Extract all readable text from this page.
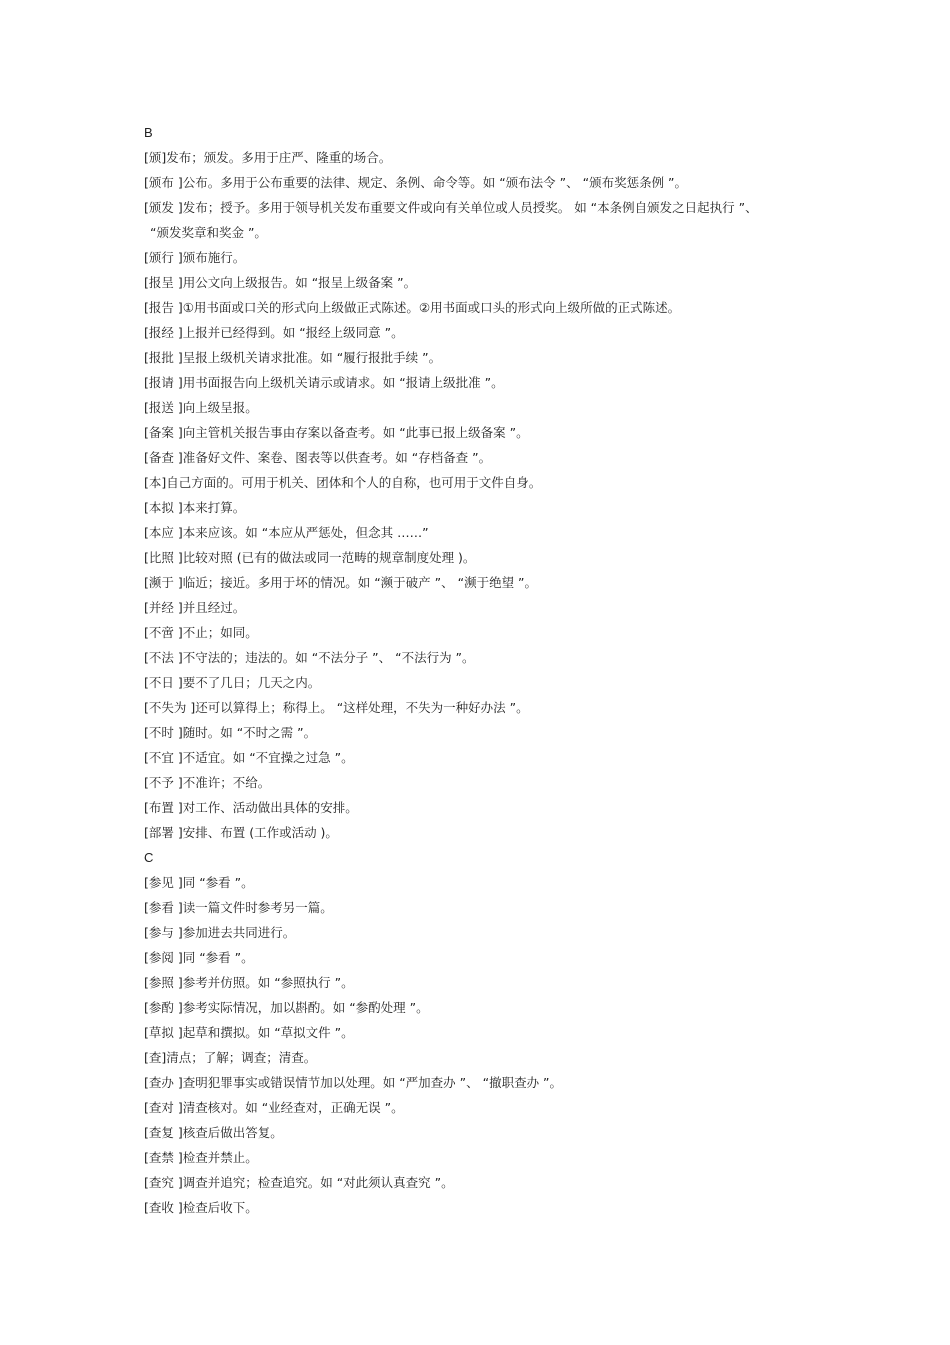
B
[颁]发布；颁发。多用于庄严、隆重的场合。
[颁布 ]公布。多用于公布重要的法律、规定、条例、命令等。如 “颁布法令 ”、 “颁布奖惩条例 ”。
[颁发 ]发布；授予。多用于领导机关发布重要文件或向有关单位或人员授奖。 如 “本条例自颁发之日起执行 ”、
“颁发奖章和奖金 ”。
[颁行 ]颁布施行。
[报呈 ]用公文向上级报告。如 “报呈上级备案 ”。
[报告 ]①用书面或口关的形式向上级做正式陈述。②用书面或口头的形式向上级所做的正式陈述。
[报经 ]上报并已经得到。如 “报经上级同意 ”。
[报批 ]呈报上级机关请求批准。如 “履行报批手续 ”。
[报请 ]用书面报告向上级机关请示或请求。如 “报请上级批准 ”。
[报送 ]向上级呈报。
[备案 ]向主管机关报告事由存案以备查考。如 “此事已报上级备案 ”。
[备查 ]准备好文件、案卷、图表等以供查考。如 “存档备查 ”。
[本]自己方面的。可用于机关、团体和个人的自称，也可用于文件自身。
[本拟 ]本来打算。
[本应 ]本来应该。如 “本应从严惩处，但念其 ……”
[比照 ]比较对照 (已有的做法或同一范畴的规章制度处理 )。
[濒于 ]临近；接近。多用于坏的情况。如 “濒于破产 ”、 “濒于绝望 ”。
[并经 ]并且经过。
[不啻 ]不止；如同。
[不法 ]不守法的；违法的。如 “不法分子 ”、 “不法行为 ”。
[不日 ]要不了几日；几天之内。
[不失为 ]还可以算得上；称得上。 “这样处理，不失为一种好办法 ”。
[不时 ]随时。如 “不时之需 ”。
[不宜 ]不适宜。如 “不宜操之过急 ”。
[不予 ]不准许；不给。
[布置 ]对工作、活动做出具体的安排。
[部署 ]安排、布置 (工作或活动 )。
C
[参见 ]同 “参看 ”。
[参看 ]读一篇文件时参考另一篇。
[参与 ]参加进去共同进行。
[参阅 ]同 “参看 ”。
[参照 ]参考并仿照。如 “参照执行 ”。
[参酌 ]参考实际情况，加以斟酌。如 “参酌处理 ”。
[草拟 ]起草和撰拟。如 “草拟文件 ”。
[查]清点；了解；调查；清查。
[查办 ]查明犯罪事实或错误情节加以处理。如 “严加查办 ”、 “撤职查办 ”。
[查对 ]清查核对。如 “业经查对，正确无误 ”。
[查复 ]核查后做出答复。
[查禁 ]检查并禁止。
[查究 ]调查并追究；检查追究。如 “对此须认真查究 ”。
[查收 ]检查后收下。
